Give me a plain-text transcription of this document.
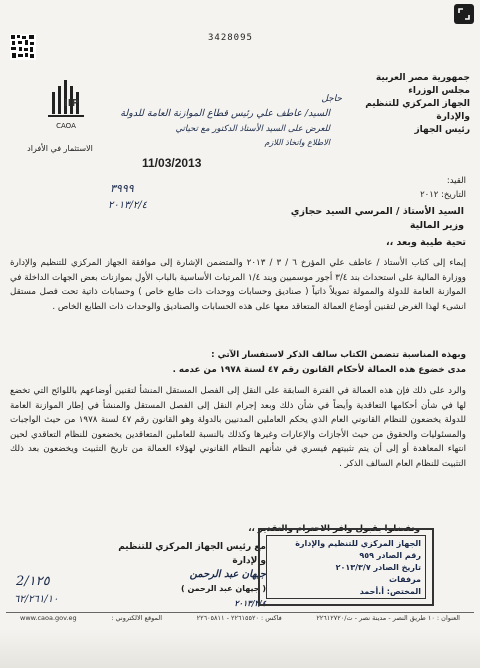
3428095
CAOA
IIP
الاستثمار في الأفراد
جمهورية مصر العربية
مجلس الوزراء
الجهاز المركزي للتنظيم والإدارة
رئيس الجهاز
حاجل
السيد/ عاطف علي رئيس قطاع الموازنة العامة للدولة
للعرض على السيد الأستاذ الدكتور مع تحياتي
الاطلاع واتخاذ اللازم
11/03/2013
٣٩٩٩
٢٠١٣/٢/٤
القيد:
التاريخ: ٢٠١٢
السيد الأستاذ / المرسي السيد حجازي
وزير المالية
تحية طيبة وبعد ،،
إيماء إلى كتاب الأستاذ / عاطف علي المؤرخ ٦ / ٣ / ٢٠١٣ والمتضمن الإشارة إلى موافقة الجهاز المركزي للتنظيم والإدارة ووزارة المالية على استحداث بند ٣/٤ أجور موسميين ويند ١/٤ المرتبات الأساسية بالباب الأول بموازنات بعض الجهات الداخلة في الموازنة العامة للدولة والممولة تمويلاً ذاتياً ( صناديق وحسابات ووحدات ذات طابع خاص ) وحسابات ذاتية تحت فصل مستقل انشىء لهذا الغرض لتقنين أوضاع العمالة المتعاقد معها على هذه الحسابات والصناديق والوحدات ذات الطابع الخاص .
وبهذه المناسبة تتضمن الكتاب سالف الذكر لاستفسار الآتي :
مدى خضوع هذه العمالة لأحكام القانون رقم ٤٧ لسنة ١٩٧٨ من عدمه .
والرد على ذلك فإن هذه العمالة في الفترة السابقة على النقل إلى الفصل المستقل المنشأ لتقنين أوضاعهم باللوائح التي تخضع لها في شأن أحكامها التعاقدية وأيضاً في شأن ذلك وبعد إجرام النقل إلى الفصل المستقل والمنشأ في إطار الموازنة العامة للدولة يخضعون للنظام القانوني العام الذي يحكم العاملين المدنيين بالدولة وهو القانون رقم ٤٧ لسنة ١٩٧٨ من حيث الواجبات والمسئوليات والحقوق من حيث الأجازات والإعارات وغيرها وكذلك بالنسبة للعاملين المتعاقدين يخضعون للنظام التعاقدي لحين انتهاء المعاهدة أو إلى أن يتم تثبيتهم فيسري في شأنهم النظام القانوني لهؤلاء العمالة من تاريخ التثبيت ويخضعون بعد ذلك التثبيت للنظام العام السالف الذكر .
وتفضلوا بقبول وافر الاحترام والتقدير ،،
مع رئيس الجهاز المركزي للتنظيم والإدارة
جيهان عبد الرحمن
( جيهان عبد الرحمن )
٢٠١٣/٣/٤
الجهاز المركزي للتنظيم والإدارة
رقم الصادر ٩٥٩
تاريخ الصادر ٢٠١٣/٣/٧
مرفقات
المختص: أ.أحمد
2/١٢٥
٦٢/٢٦١/١٠
العنوان : ١٠ طريق النصر - مدينة نصر - ت/٢٢٦١٢٧٢٠
فاكس : ٢٢٦١٥٥٢٠ - ٢٢٦٠٥٨١١
الموقع الالكتروني :
www.caoa.gov.eg
